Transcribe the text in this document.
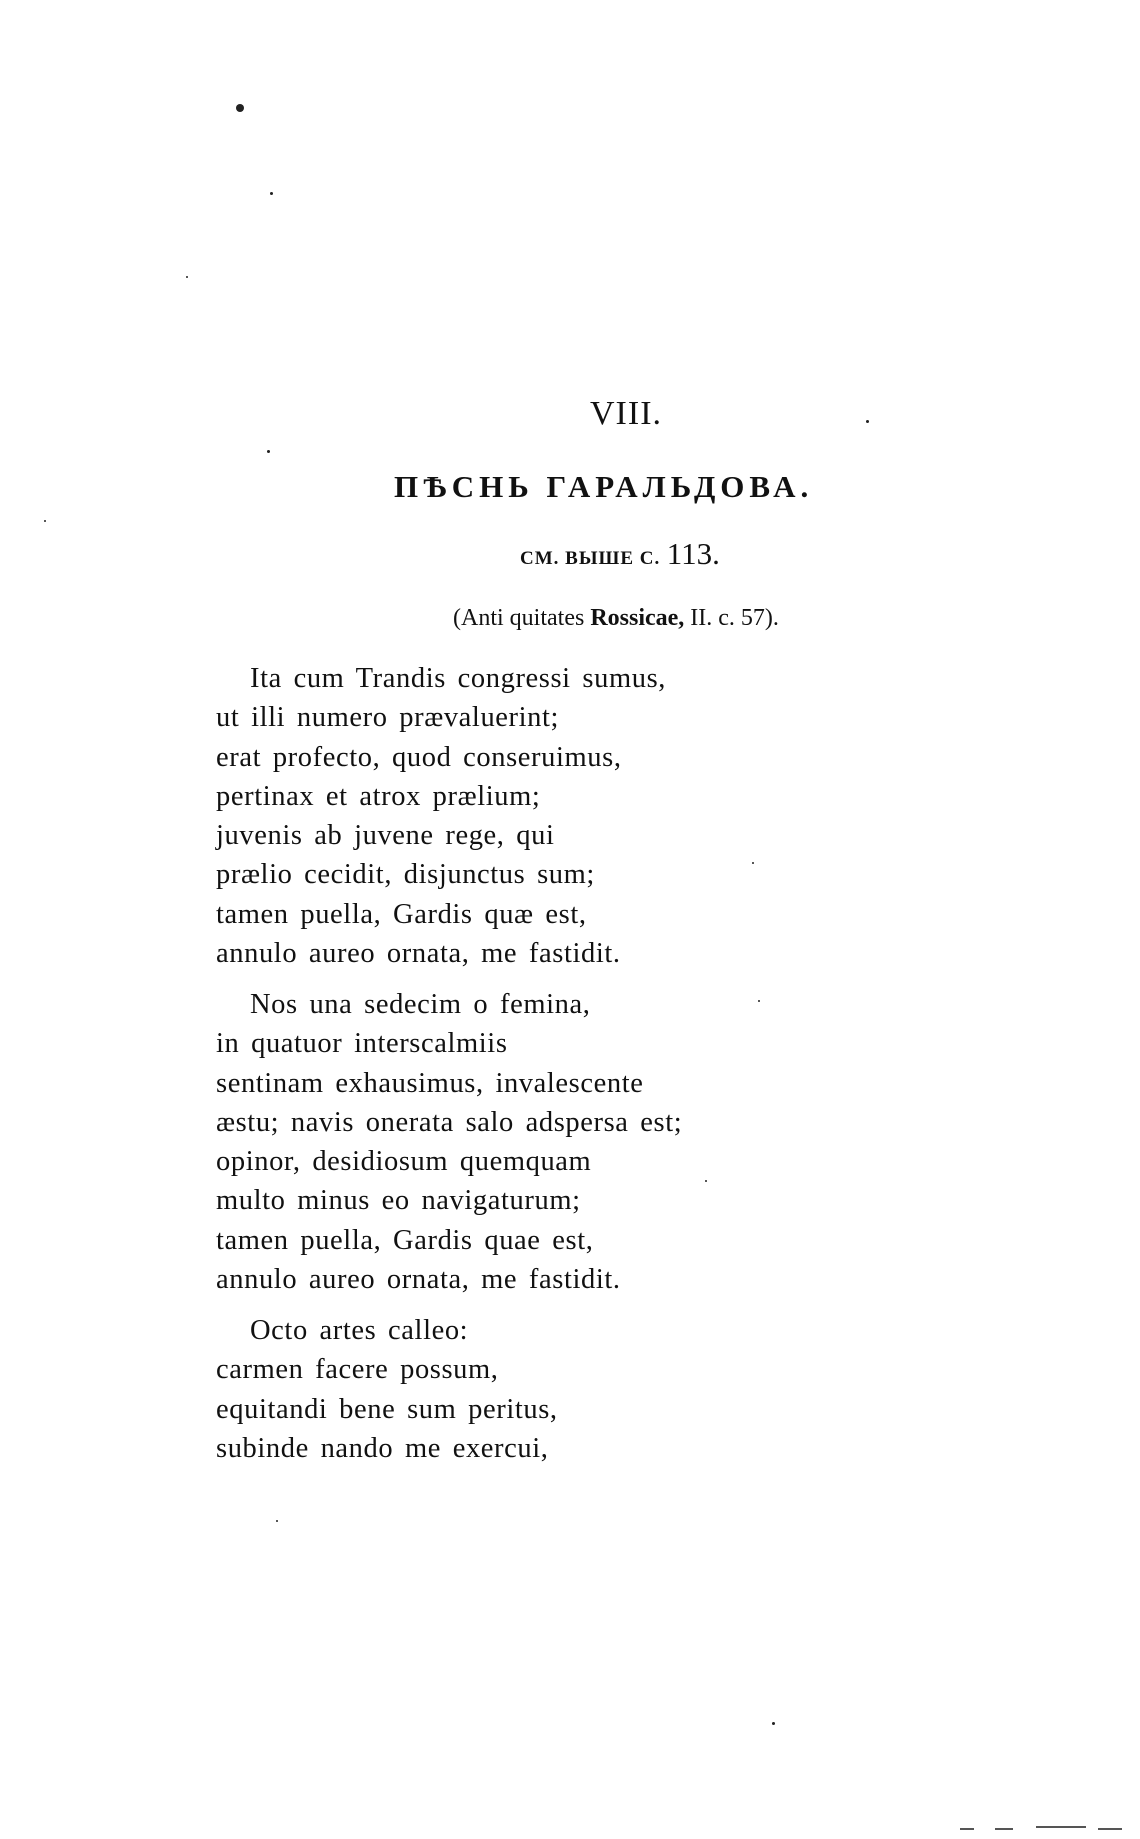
VIII.
ПѢСНЬ ГАРАЛЬДОВА.
СМ. ВЫШЕ С. 113.
(Anti quitates Rossicae, II. c. 57).
Ita cum Trandis congressi sumus,
ut illi numero prævaluerint;
erat profecto, quod conseruimus,
pertinax et atrox prælium;
juvenis ab juvene rege, qui
prælio cecidit, disjunctus sum;
tamen puella, Gardis quæ est,
annulo aureo ornata, me fastidit.
Nos una sedecim o femina,
in quatuor interscalmiis
sentinam exhausimus, invalescente
æstu; navis onerata salo adspersa est;
opinor, desidiosum quemquam
multo minus eo navigaturum;
tamen puella, Gardis quae est,
annulo aureo ornata, me fastidit.
Octo artes calleo:
carmen facere possum,
equitandi bene sum peritus,
subinde nando me exercui,
